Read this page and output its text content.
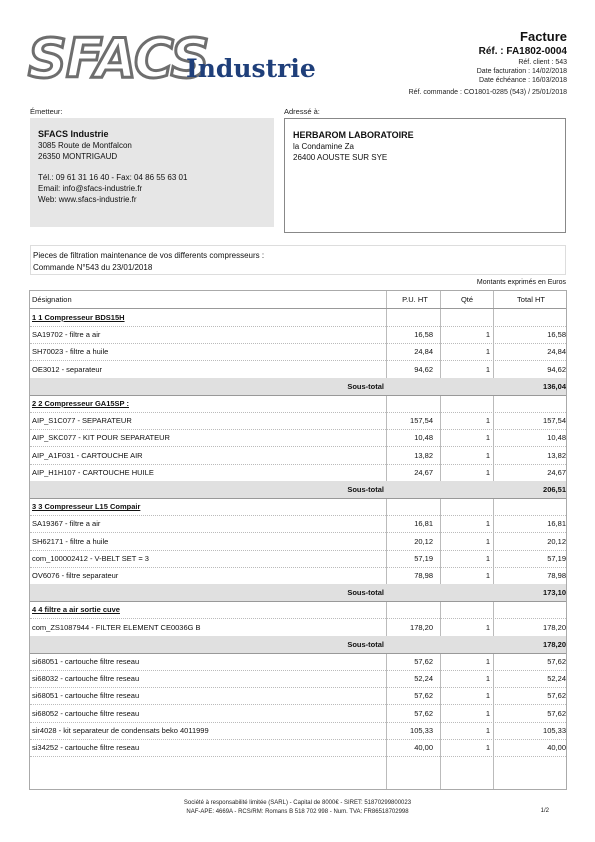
SFACS
Industrie
Facture
Réf. : FA1802-0004
Réf. client : 543
Date facturation : 14/02/2018
Date échéance : 16/03/2018
Réf. commande : CO1801-0285 (543) / 25/01/2018
Émetteur:	Adressé à:
SFACS Industrie
3085 Route de Montfalcon
26350 MONTRIGAUD
Tél.: 09 61 31 16 40 - Fax: 04 86 55 63 01
Email: info@sfacs-industrie.fr
Web: www.sfacs-industrie.fr
HERBAROM LABORATOIRE
la Condamine Za
26400 AOUSTE SUR SYE
Pieces de filtration maintenance de vos differents compresseurs :
Commande N°543 du 23/01/2018
Montants exprimés en Euros
Désignation	P.U. HT	Qté	Total HT
1 1 Compresseur BDS15H
SA19702 - filtre a air	16,58	1	16,58
SH70023 - filtre a huile	24,84	1	24,84
OE3012 - separateur	94,62	1	94,62
Sous-total	136,04
2 2 Compresseur GA15SP :
AIP_S1C077 - SEPARATEUR	157,54	1	157,54
AIP_SKC077 - KIT POUR SEPARATEUR	10,48	1	10,48
AIP_A1F031 - CARTOUCHE AIR	13,82	1	13,82
AIP_H1H107 - CARTOUCHE HUILE	24,67	1	24,67
Sous-total	206,51
3 3 Compresseur L15 Compair
SA19367 - filtre a air	16,81	1	16,81
SH62171 - filtre a huile	20,12	1	20,12
com_100002412 - V-BELT SET = 3	57,19	1	57,19
OV6076 - filtre separateur	78,98	1	78,98
Sous-total	173,10
4 4 filtre a air sortie cuve
com_ZS1087944 - FILTER ELEMENT CE0036G B	178,20	1	178,20
Sous-total	178,20
si68051 - cartouche filtre reseau	57,62	1	57,62
si68032 - cartouche filtre reseau	52,24	1	52,24
si68051 - cartouche filtre reseau	57,62	1	57,62
si68052 - cartouche filtre reseau	57,62	1	57,62
sir4028 - kit separateur de condensats beko 4011999	105,33	1	105,33
si34252 - cartouche filtre reseau	40,00	1	40,00
Société à responsabilité limitée (SARL) - Capital de 8000€ - SIRET: 51870299800023
NAF-APE: 4669A - RCS/RM: Romans B 518 702 998 - Num. TVA: FR86518702998	1/2
